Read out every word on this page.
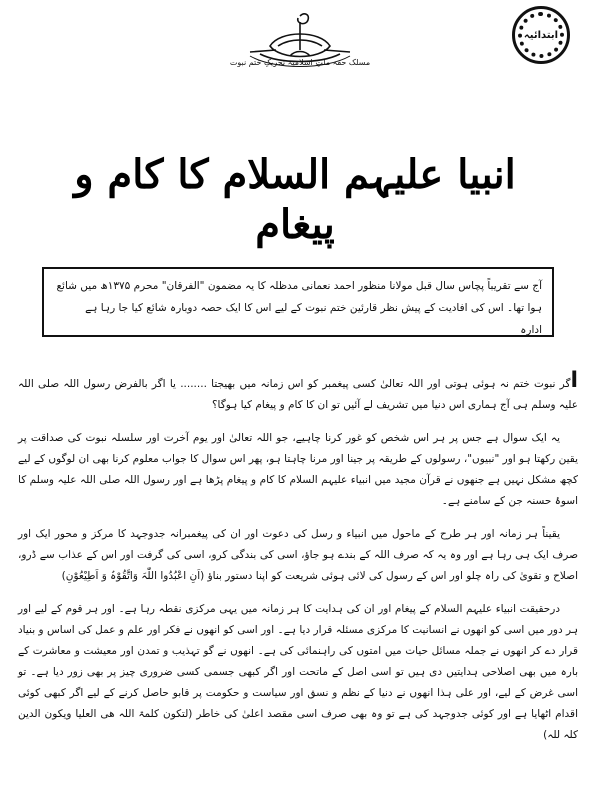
ابتدائیہ
مسلک حقہ ملتِ اسلامیہ تحریکِ ختمِ نبوت
انبیا علیہم السلام کا کام و پیغام
آج سے تقریباً پچاس سال قبل مولانا منظور احمد نعمانی مدظلہ کا یہ مضمون "الفرقان" محرم ۱۳۷۵ھ میں شائع ہوا تھا۔ اس کی افادیت کے پیش نظر قارئین ختم نبوت کے لیے اس کا ایک حصہ دوبارہ شائع کیا جا رہا ہے    ادارہ

اگر نبوت ختم نہ ہوئی ہوتی اور اللہ تعالیٰ کسی پیغمبر کو اس زمانہ میں بھیجتا ........ یا اگر بالفرض رسول اللہ صلی اللہ علیہ وسلم ہی آج ہماری اس دنیا میں تشریف لے آئیں تو ان کا کام و پیغام کیا ہوگا؟

یہ ایک سوال ہے جس پر ہر اس شخص کو غور کرنا چاہیے، جو اللہ تعالیٰ اور یوم آخرت اور سلسلہ نبوت کی صداقت پر یقین رکھتا ہو اور "نبیوں"، رسولوں کے طریقہ پر جینا اور مرنا چاہتا ہو، پھر اس سوال کا جواب معلوم کرنا بھی ان لوگوں کے لیے کچھ مشکل نہیں ہے جنھوں نے قرآن مجید میں انبیاء علیہم السلام کا کام و پیغام پڑھا ہے اور رسول اللہ صلی اللہ علیہ وسلم کا اسوۂ حسنہ جن کے سامنے ہے۔

یقیناً ہر زمانہ اور ہر طرح کے ماحول میں انبیاء و رسل کی دعوت اور ان کی پیغمبرانہ جدوجہد کا مرکز و محور ایک اور صرف ایک ہی رہا ہے اور وہ یہ کہ صرف اللہ کے بندے ہو جاؤ، اسی کی بندگی کرو، اسی کی گرفت اور اس کے عذاب سے ڈرو، اصلاح و تقویٰ کی راہ چلو اور اس کے رسول کی لائی ہوئی شریعت کو اپنا دستور بناؤ (اَنِ اعْبُدُوا اللّٰہَ وَاتَّقُوْہُ وَ اَطِیْعُوْنِ)

درحقیقت انبیاء علیہم السلام کے پیغام اور ان کی ہدایت کا ہر زمانہ میں یہی مرکزی نقطہ رہا ہے۔ اور ہر قوم کے لیے اور ہر دور میں اسی کو انھوں نے انسانیت کا مرکزی مسئلہ قرار دیا ہے۔ اور اسی کو انھوں نے فکر اور علم و عمل کی اساس و بنیاد قرار دے کر انھوں نے جملہ مسائل حیات میں امتوں کی راہنمائی کی ہے۔ انھوں نے گو تہذیب و تمدن اور معیشت و معاشرت کے بارہ میں بھی اصلاحی ہدایتیں دی ہیں تو اسی اصل کے ماتحت اور اگر کبھی جسمی کسی ضروری چیز پر بھی زور دیا ہے۔ تو اسی غرض کے لیے، اور علی ہذا انھوں نے دنیا کے نظم و نسق اور سیاست و حکومت پر قابو حاصل کرنے کے لیے اگر کبھی کوئی اقدام اٹھایا ہے اور کوئی جدوجہد کی ہے تو وہ بھی صرف اسی مقصد اعلیٰ کی خاطر (لتکون کلمۃ اللہ ھی العلیا ویکون الدین کلہ للہ)
